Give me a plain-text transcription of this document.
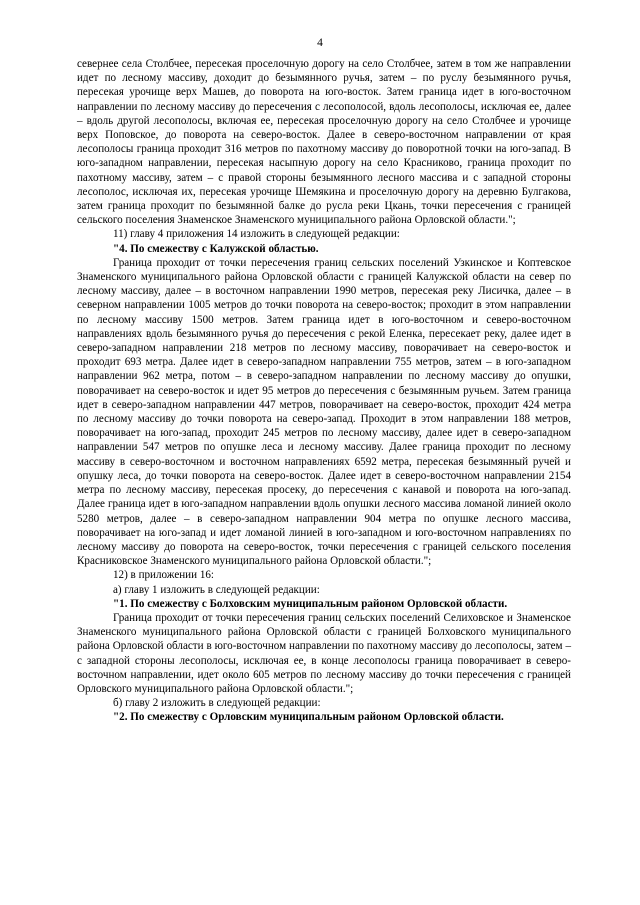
4

севернее села Столбчее, пересекая проселочную дорогу на село Столбчее, затем в том же направлении идет по лесному массиву, доходит до безымянного ручья, затем – по руслу безымянного ручья, пересекая урочище верх Машев, до поворота на юго-восток. Затем граница идет в юго-восточном направлении по лесному массиву до пересечения с лесополосой, вдоль лесополосы, исключая ее, далее – вдоль другой лесополосы, включая ее, пересекая проселочную дорогу на село Столбчее и урочище верх Поповское, до поворота на северо-восток. Далее в северо-восточном направлении от края лесополосы граница проходит 316 метров по пахотному массиву до поворотной точки на юго-запад. В юго-западном направлении, пересекая насыпную дорогу на село Красниково, граница проходит по пахотному массиву, затем – с правой стороны безымянного лесного массива и с западной стороны лесополос, исключая их, пересекая урочище Шемякина и проселочную дорогу на деревню Булгакова, затем граница проходит по безымянной балке до русла реки Цкань, точки пересечения с границей сельского поселения Знаменское Знаменского муниципального района Орловской области.";

11) главу 4 приложения 14 изложить в следующей редакции:

"4. По смежеству с Калужской областью.

Граница проходит от точки пересечения границ сельских поселений Узкинское и Коптевское Знаменского муниципального района Орловской области с границей Калужской области на север по лесному массиву, далее – в восточном направлении 1990 метров, пересекая реку Лисичка, далее – в северном направлении 1005 метров до точки поворота на северо-восток; проходит в этом направлении по лесному массиву 1500 метров. Затем граница идет в юго-восточном и северо-восточном направлениях вдоль безымянного ручья до пересечения с рекой Еленка, пересекает реку, далее идет в северо-западном направлении 218 метров по лесному массиву, поворачивает на северо-восток и проходит 693 метра. Далее идет в северо-западном направлении 755 метров, затем – в юго-западном направлении 962 метра, потом – в северо-западном направлении по лесному массиву до опушки, поворачивает на северо-восток и идет 95 метров до пересечения с безымянным ручьем. Затем граница идет в северо-западном направлении 447 метров, поворачивает на северо-восток, проходит 424 метра по лесному массиву до точки поворота на северо-запад. Проходит в этом направлении 188 метров, поворачивает на юго-запад, проходит 245 метров по лесному массиву, далее идет в северо-западном направлении 547 метров по опушке леса и лесному массиву. Далее граница проходит по лесному массиву в северо-восточном и восточном направлениях 6592 метра, пересекая безымянный ручей и опушку леса, до точки поворота на северо-восток. Далее идет в северо-восточном направлении 2154 метра по лесному массиву, пересекая просеку, до пересечения с канавой и поворота на юго-запад. Далее граница идет в юго-западном направлении вдоль опушки лесного массива ломаной линией около 5280 метров, далее – в северо-западном направлении 904 метра по опушке лесного массива, поворачивает на юго-запад и идет ломаной линией в юго-западном и юго-восточном направлениях по лесному массиву до поворота на северо-восток, точки пересечения с границей сельского поселения Красниковское Знаменского муниципального района Орловской области.";

12) в приложении 16:

а) главу 1 изложить в следующей редакции:

"1. По смежеству с Болховским муниципальным районом Орловской области.

Граница проходит от точки пересечения границ сельских поселений Селиховское и Знаменское Знаменского муниципального района Орловской области с границей Болховского муниципального района Орловской области в юго-восточном направлении по пахотному массиву до лесополосы, затем – с западной стороны лесополосы, исключая ее, в конце лесополосы граница поворачивает в северо-восточном направлении, идет около 605 метров по лесному массиву до точки пересечения с границей Орловского муниципального района Орловской области.";

б) главу 2 изложить в следующей редакции:

"2. По смежеству с Орловским муниципальным районом Орловской области.
